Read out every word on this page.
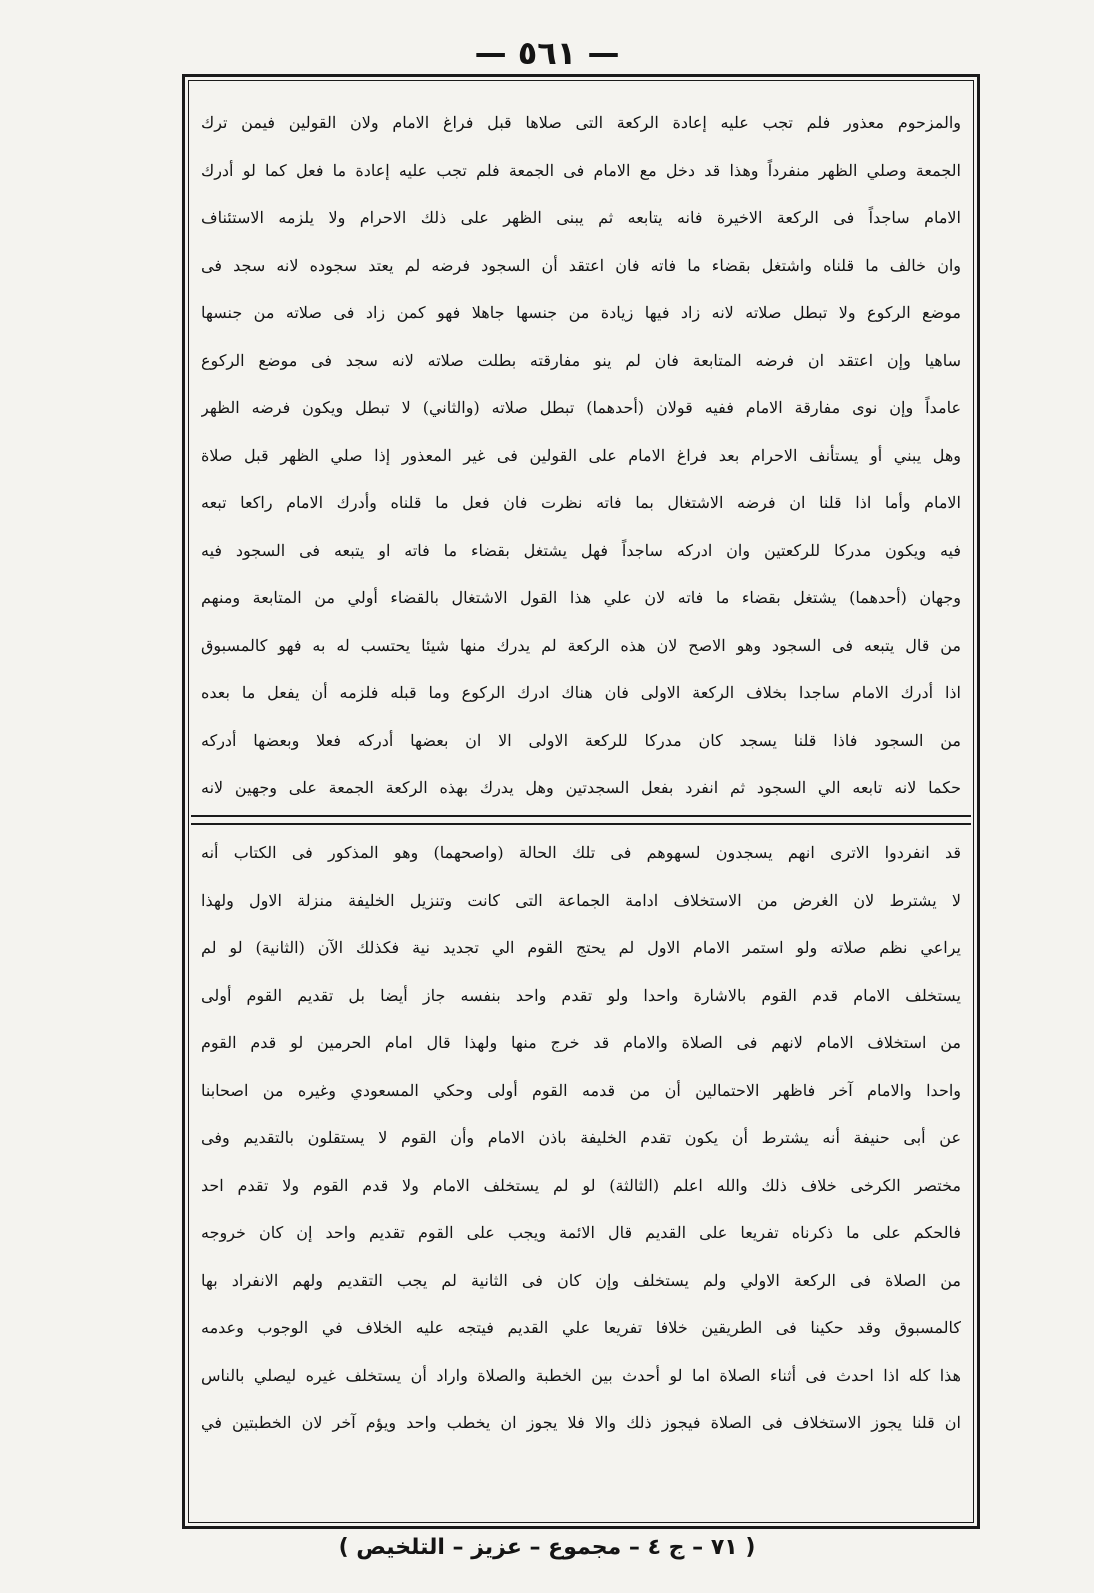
— ٥٦١ —
والمزحوم معذور فلم تجب عليه إعادة الركعة التى صلاها قبل فراغ الامام ولان القولين فيمن ترك
الجمعة وصلي الظهر منفرداً وهذا قد دخل مع الامام فى الجمعة فلم تجب عليه إعادة ما فعل كما لو أدرك
الامام ساجداً فى الركعة الاخيرة فانه يتابعه ثم يبنى الظهر على ذلك الاحرام ولا يلزمه الاستئناف
وان خالف ما قلناه واشتغل بقضاء ما فاته فان اعتقد أن السجود فرضه لم يعتد سجوده لانه سجد فى
موضع الركوع ولا تبطل صلاته لانه زاد فيها زيادة من جنسها جاهلا فهو كمن زاد فى صلاته من جنسها
ساهيا وإن اعتقد ان فرضه المتابعة فان لم ينو مفارقته بطلت صلاته لانه سجد فى موضع الركوع
عامداً وإن نوى مفارقة الامام ففيه قولان (أحدهما) تبطل صلاته (والثاني) لا تبطل ويكون فرضه الظهر
وهل يبني أو يستأنف الاحرام بعد فراغ الامام على القولين فى غير المعذور إذا صلي الظهر قبل صلاة
الامام وأما اذا قلنا ان فرضه الاشتغال بما فاته نظرت فان فعل ما قلناه وأدرك الامام راكعا تبعه
فيه ويكون مدركا للركعتين وان ادركه ساجداً فهل يشتغل بقضاء ما فاته او يتبعه فى السجود فيه
وجهان (أحدهما) يشتغل بقضاء ما فاته لان علي هذا القول الاشتغال بالقضاء أولي من المتابعة ومنهم
من قال يتبعه فى السجود وهو الاصح لان هذه الركعة لم يدرك منها شيئا يحتسب له به فهو كالمسبوق
اذا أدرك الامام ساجدا بخلاف الركعة الاولى فان هناك ادرك الركوع وما قبله فلزمه أن يفعل ما بعده
من السجود فاذا قلنا يسجد كان مدركا للركعة الاولى الا ان بعضها أدركه فعلا وبعضها أدركه
حكما لانه تابعه الي السجود ثم انفرد بفعل السجدتين وهل يدرك بهذه الركعة الجمعة على وجهين لانه
قد انفردوا الاترى انهم يسجدون لسهوهم فى تلك الحالة (واصحهما) وهو المذكور فى الكتاب أنه
لا يشترط لان الغرض من الاستخلاف ادامة الجماعة التى كانت وتنزيل الخليفة منزلة الاول ولهذا
يراعي نظم صلاته ولو استمر الامام الاول لم يحتج القوم الي تجديد نية فكذلك الآن (الثانية) لو لم
يستخلف الامام قدم القوم بالاشارة واحدا ولو تقدم واحد بنفسه جاز أيضا بل تقديم القوم أولى
من استخلاف الامام لانهم فى الصلاة والامام قد خرج منها ولهذا قال امام الحرمين لو قدم القوم
واحدا والامام آخر فاظهر الاحتمالين أن من قدمه القوم أولى وحكي المسعودي وغيره من اصحابنا
عن أبى حنيفة أنه يشترط أن يكون تقدم الخليفة باذن الامام وأن القوم لا يستقلون بالتقديم وفى
مختصر الكرخى خلاف ذلك والله اعلم (الثالثة) لو لم يستخلف الامام ولا قدم القوم ولا تقدم احد
فالحكم على ما ذكرناه تفريعا على القديم قال الائمة ويجب على القوم تقديم واحد إن كان خروجه
من الصلاة فى الركعة الاولي ولم يستخلف وإن كان فى الثانية لم يجب التقديم ولهم الانفراد بها
كالمسبوق وقد حكينا فى الطريقين خلافا تفريعا علي القديم فيتجه عليه الخلاف في الوجوب وعدمه
هذا كله اذا احدث فى أثناء الصلاة اما لو أحدث بين الخطبة والصلاة واراد أن يستخلف غيره ليصلي بالناس
ان قلنا يجوز الاستخلاف فى الصلاة فيجوز ذلك والا فلا يجوز ان يخطب واحد ويؤم آخر لان الخطبتين في
( ٧١ – ج ٤ – مجموع – عزيز – التلخيص )
